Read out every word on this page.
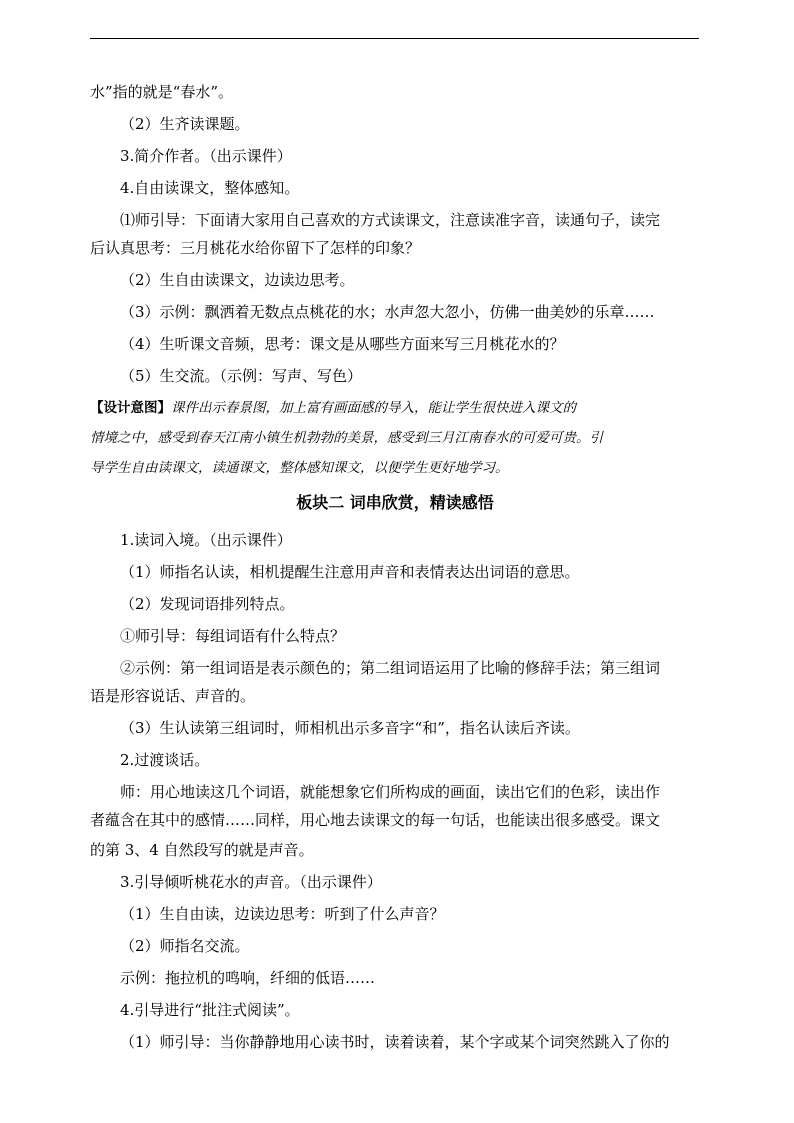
水”指的就是“春水”。
（2）生齐读课题。
3.简介作者。（出示课件）
4.自由读课文，整体感知。
⑴师引导：下面请大家用自己喜欢的方式读课文，注意读准字音，读通句子，读完
后认真思考：三月桃花水给你留下了怎样的印象？
（2）生自由读课文，边读边思考。
（3）示例：飘洒着无数点点桃花的水；水声忽大忽小，仿佛一曲美妙的乐章……
（4）生听课文音频，思考：课文是从哪些方面来写三月桃花水的？
（5）生交流。（示例：写声、写色）
【设计意图】课件出示春景图，加上富有画面感的导入，能让学生很快进入课文的
情境之中，感受到春天江南小镇生机勃勃的美景，感受到三月江南春水的可爱可贵。引
导学生自由读课文，读通课文，整体感知课文，以便学生更好地学习。
板块二 词串欣赏，精读感悟
1.读词入境。（出示课件）
（1）师指名认读，相机提醒生注意用声音和表情表达出词语的意思。
（2）发现词语排列特点。
①师引导：每组词语有什么特点？
②示例：第一组词语是表示颜色的；第二组词语运用了比喻的修辞手法；第三组词
语是形容说话、声音的。
（3）生认读第三组词时，师相机出示多音字“和”，指名认读后齐读。
2.过渡谈话。
师：用心地读这几个词语，就能想象它们所构成的画面，读出它们的色彩，读出作
者蕴含在其中的感情……同样，用心地去读课文的每一句话，也能读出很多感受。课文
的第 3、4 自然段写的就是声音。
3.引导倾听桃花水的声音。（出示课件）
（1）生自由读，边读边思考：听到了什么声音？
（2）师指名交流。
示例：拖拉机的鸣响，纤细的低语……
4.引导进行“批注式阅读”。
（1）师引导：当你静静地用心读书时，读着读着，某个字或某个词突然跳入了你的
